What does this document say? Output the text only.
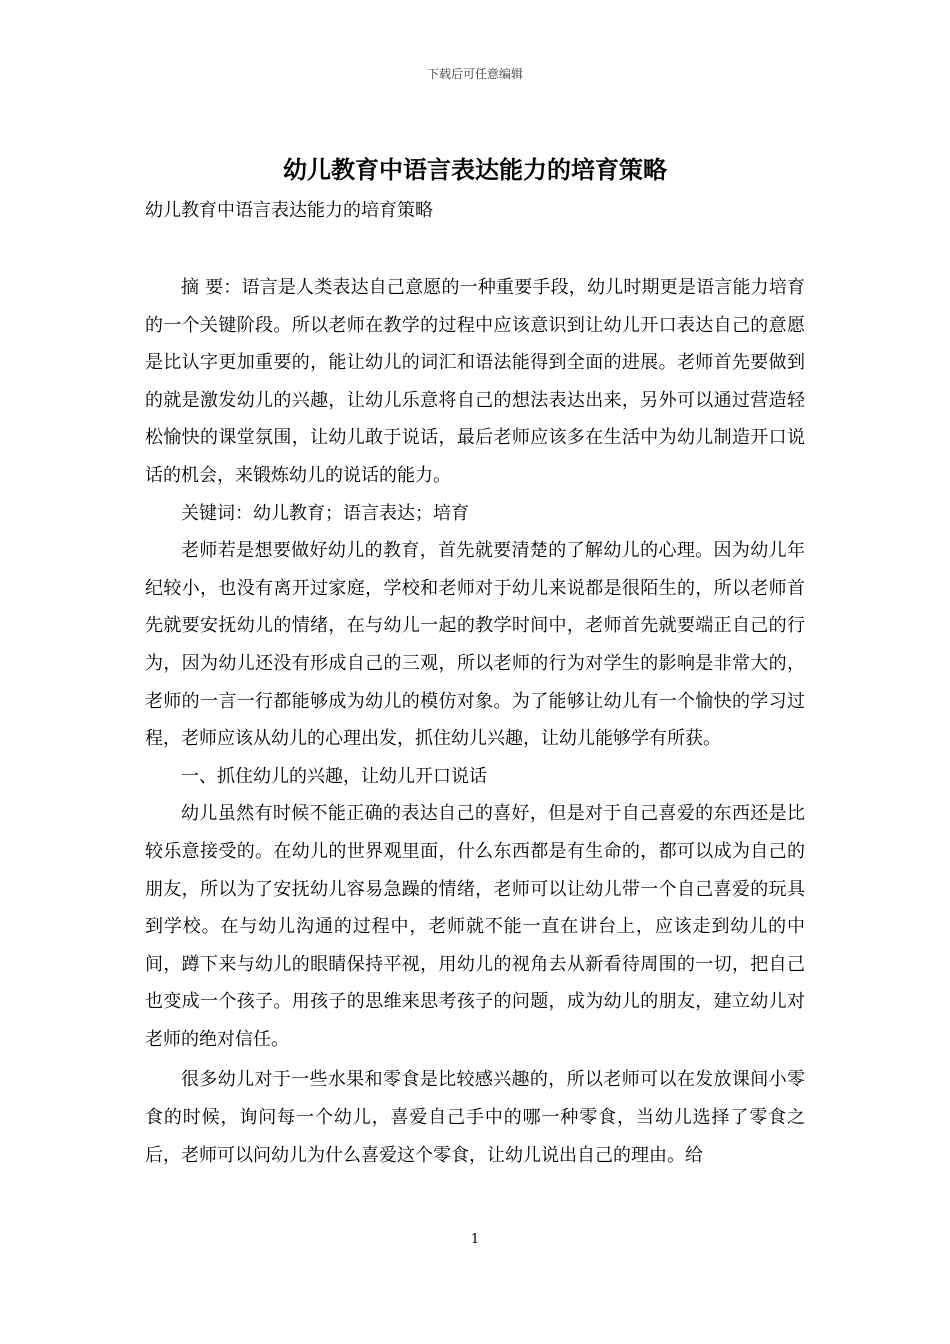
下载后可任意编辑
幼儿教育中语言表达能力的培育策略

幼儿教育中语言表达能力的培育策略

摘 要：语言是人类表达自己意愿的一种重要手段，幼儿时期更是语言能力培育的一个关键阶段。所以老师在教学的过程中应该意识到让幼儿开口表达自己的意愿是比认字更加重要的，能让幼儿的词汇和语法能得到全面的进展。老师首先要做到的就是激发幼儿的兴趣，让幼儿乐意将自己的想法表达出来，另外可以通过营造轻松愉快的课堂氛围，让幼儿敢于说话，最后老师应该多在生活中为幼儿制造开口说话的机会，来锻炼幼儿的说话的能力。

关键词：幼儿教育；语言表达；培育

老师若是想要做好幼儿的教育，首先就要清楚的了解幼儿的心理。因为幼儿年纪较小，也没有离开过家庭，学校和老师对于幼儿来说都是很陌生的，所以老师首先就要安抚幼儿的情绪，在与幼儿一起的教学时间中，老师首先就要端正自己的行为，因为幼儿还没有形成自己的三观，所以老师的行为对学生的影响是非常大的，老师的一言一行都能够成为幼儿的模仿对象。为了能够让幼儿有一个愉快的学习过程，老师应该从幼儿的心理出发，抓住幼儿兴趣，让幼儿能够学有所获。

一、抓住幼儿的兴趣，让幼儿开口说话

幼儿虽然有时候不能正确的表达自己的喜好，但是对于自己喜爱的东西还是比较乐意接受的。在幼儿的世界观里面，什么东西都是有生命的，都可以成为自己的朋友，所以为了安抚幼儿容易急躁的情绪，老师可以让幼儿带一个自己喜爱的玩具到学校。在与幼儿沟通的过程中，老师就不能一直在讲台上，应该走到幼儿的中间，蹲下来与幼儿的眼睛保持平视，用幼儿的视角去从新看待周围的一切，把自己也变成一个孩子。用孩子的思维来思考孩子的问题，成为幼儿的朋友，建立幼儿对老师的绝对信任。

很多幼儿对于一些水果和零食是比较感兴趣的，所以老师可以在发放课间小零食的时候，询问每一个幼儿，喜爱自己手中的哪一种零食，当幼儿选择了零食之后，老师可以问幼儿为什么喜爱这个零食，让幼儿说出自己的理由。给

1
